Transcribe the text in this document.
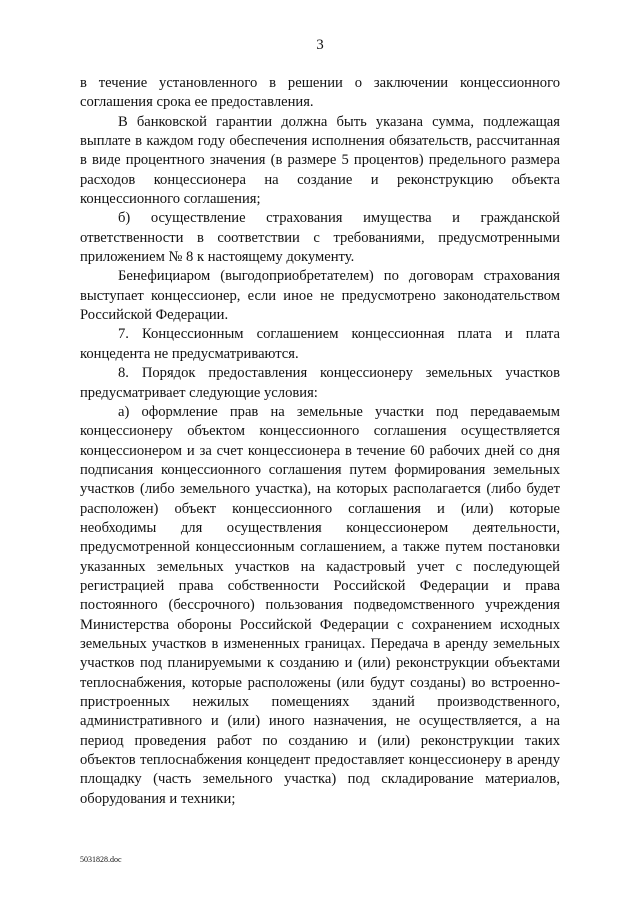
3

в течение установленного в решении о заключении концессионного соглашения срока ее предоставления.

В банковской гарантии должна быть указана сумма, подлежащая выплате в каждом году обеспечения исполнения обязательств, рассчитанная в виде процентного значения (в размере 5 процентов) предельного размера расходов концессионера на создание и реконструкцию объекта концессионного соглашения;

б) осуществление страхования имущества и гражданской ответственности в соответствии с требованиями, предусмотренными приложением № 8 к настоящему документу.

Бенефициаром (выгодоприобретателем) по договорам страхования выступает концессионер, если иное не предусмотрено законодательством Российской Федерации.

7. Концессионным соглашением концессионная плата и плата концедента не предусматриваются.

8. Порядок предоставления концессионеру земельных участков предусматривает следующие условия:

а) оформление прав на земельные участки под передаваемым концессионеру объектом концессионного соглашения осуществляется концессионером и за счет концессионера в течение 60 рабочих дней со дня подписания концессионного соглашения путем формирования земельных участков (либо земельного участка), на которых располагается (либо будет расположен) объект концессионного соглашения и (или) которые необходимы для осуществления концессионером деятельности, предусмотренной концессионным соглашением, а также путем постановки указанных земельных участков на кадастровый учет с последующей регистрацией права собственности Российской Федерации и права постоянного (бессрочного) пользования подведомственного учреждения Министерства обороны Российской Федерации с сохранением исходных земельных участков в измененных границах. Передача в аренду земельных участков под планируемыми к созданию и (или) реконструкции объектами теплоснабжения, которые расположены (или будут созданы) во встроенно-пристроенных нежилых помещениях зданий производственного, административного и (или) иного назначения, не осуществляется, а на период проведения работ по созданию и (или) реконструкции таких объектов теплоснабжения концедент предоставляет концессионеру в аренду площадку (часть земельного участка) под складирование материалов, оборудования и техники;

5031828.doc
